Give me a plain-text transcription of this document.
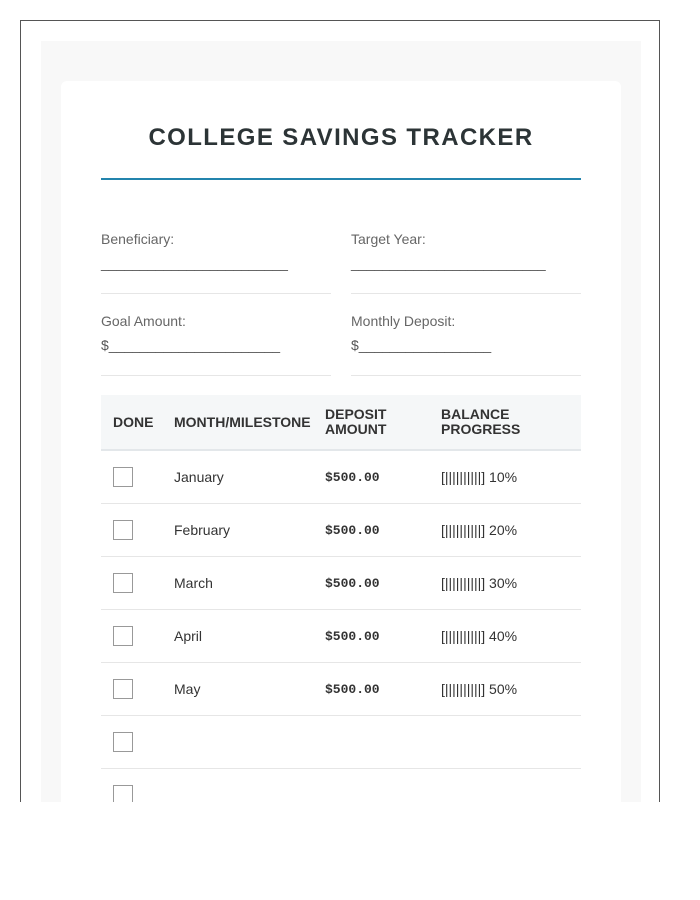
COLLEGE SAVINGS TRACKER
Beneficiary:
________________________
Target Year:
_________________________
Goal Amount:
$______________________
Monthly Deposit:
$_________________
DONE	MONTH/MILESTONE	DEPOSIT AMOUNT	BALANCE PROGRESS

	January	$500.00	[||||||||||] 10%

	February	$500.00	[||||||||||] 20%

	March	$500.00	[||||||||||] 30%

	April	$500.00	[||||||||||] 40%

	May	$500.00	[||||||||||] 50%
